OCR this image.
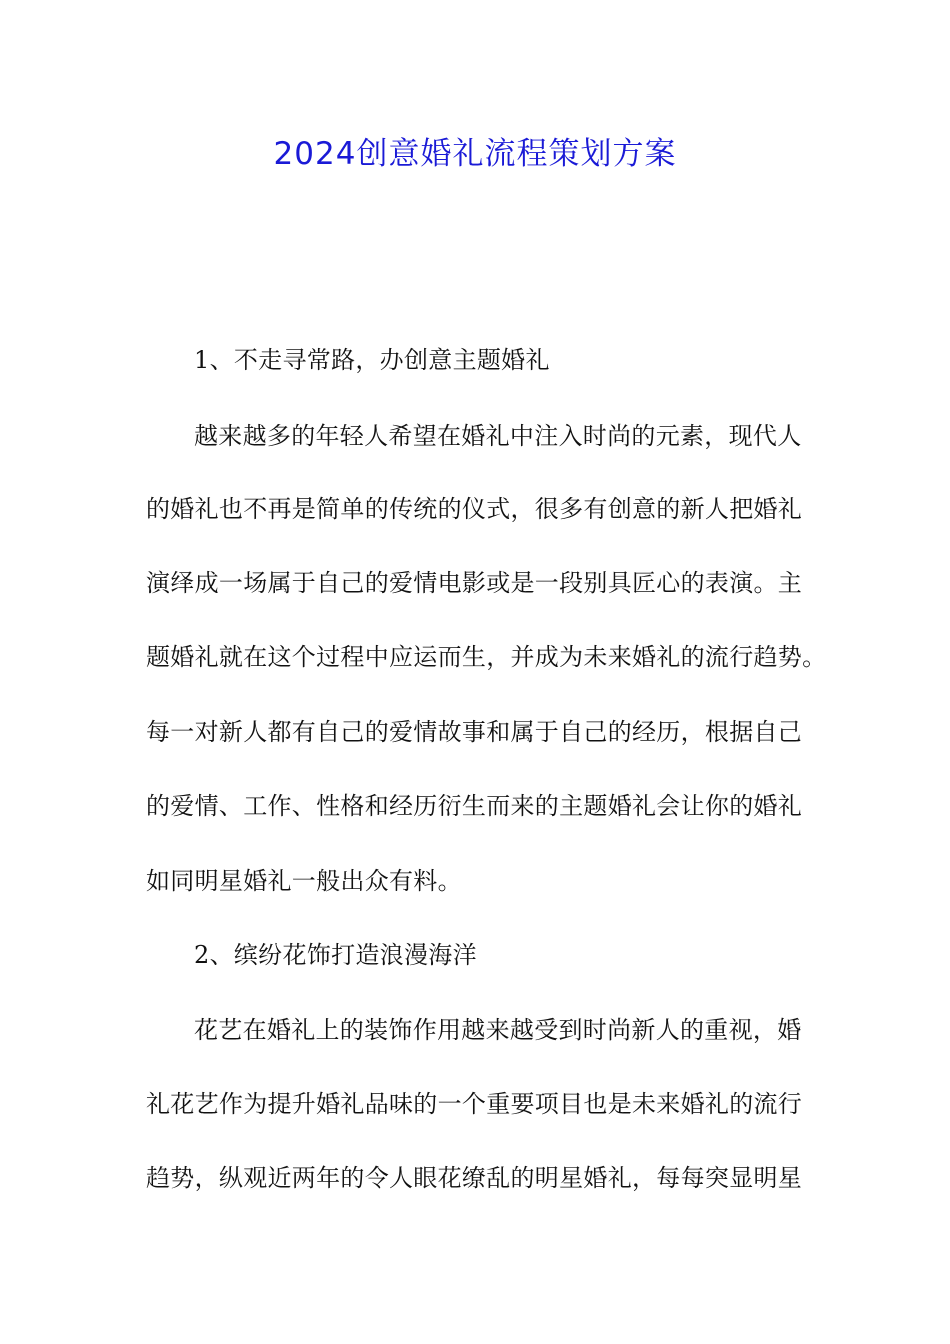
2024创意婚礼流程策划方案

1、不走寻常路，办创意主题婚礼

越来越多的年轻人希望在婚礼中注入时尚的元素，现代人

的婚礼也不再是简单的传统的仪式，很多有创意的新人把婚礼

演绎成一场属于自己的爱情电影或是一段别具匠心的表演。主

题婚礼就在这个过程中应运而生，并成为未来婚礼的流行趋势。

每一对新人都有自己的爱情故事和属于自己的经历，根据自己

的爱情、工作、性格和经历衍生而来的主题婚礼会让你的婚礼

如同明星婚礼一般出众有料。

2、缤纷花饰打造浪漫海洋

花艺在婚礼上的装饰作用越来越受到时尚新人的重视，婚

礼花艺作为提升婚礼品味的一个重要项目也是未来婚礼的流行

趋势，纵观近两年的令人眼花缭乱的明星婚礼，每每突显明星
